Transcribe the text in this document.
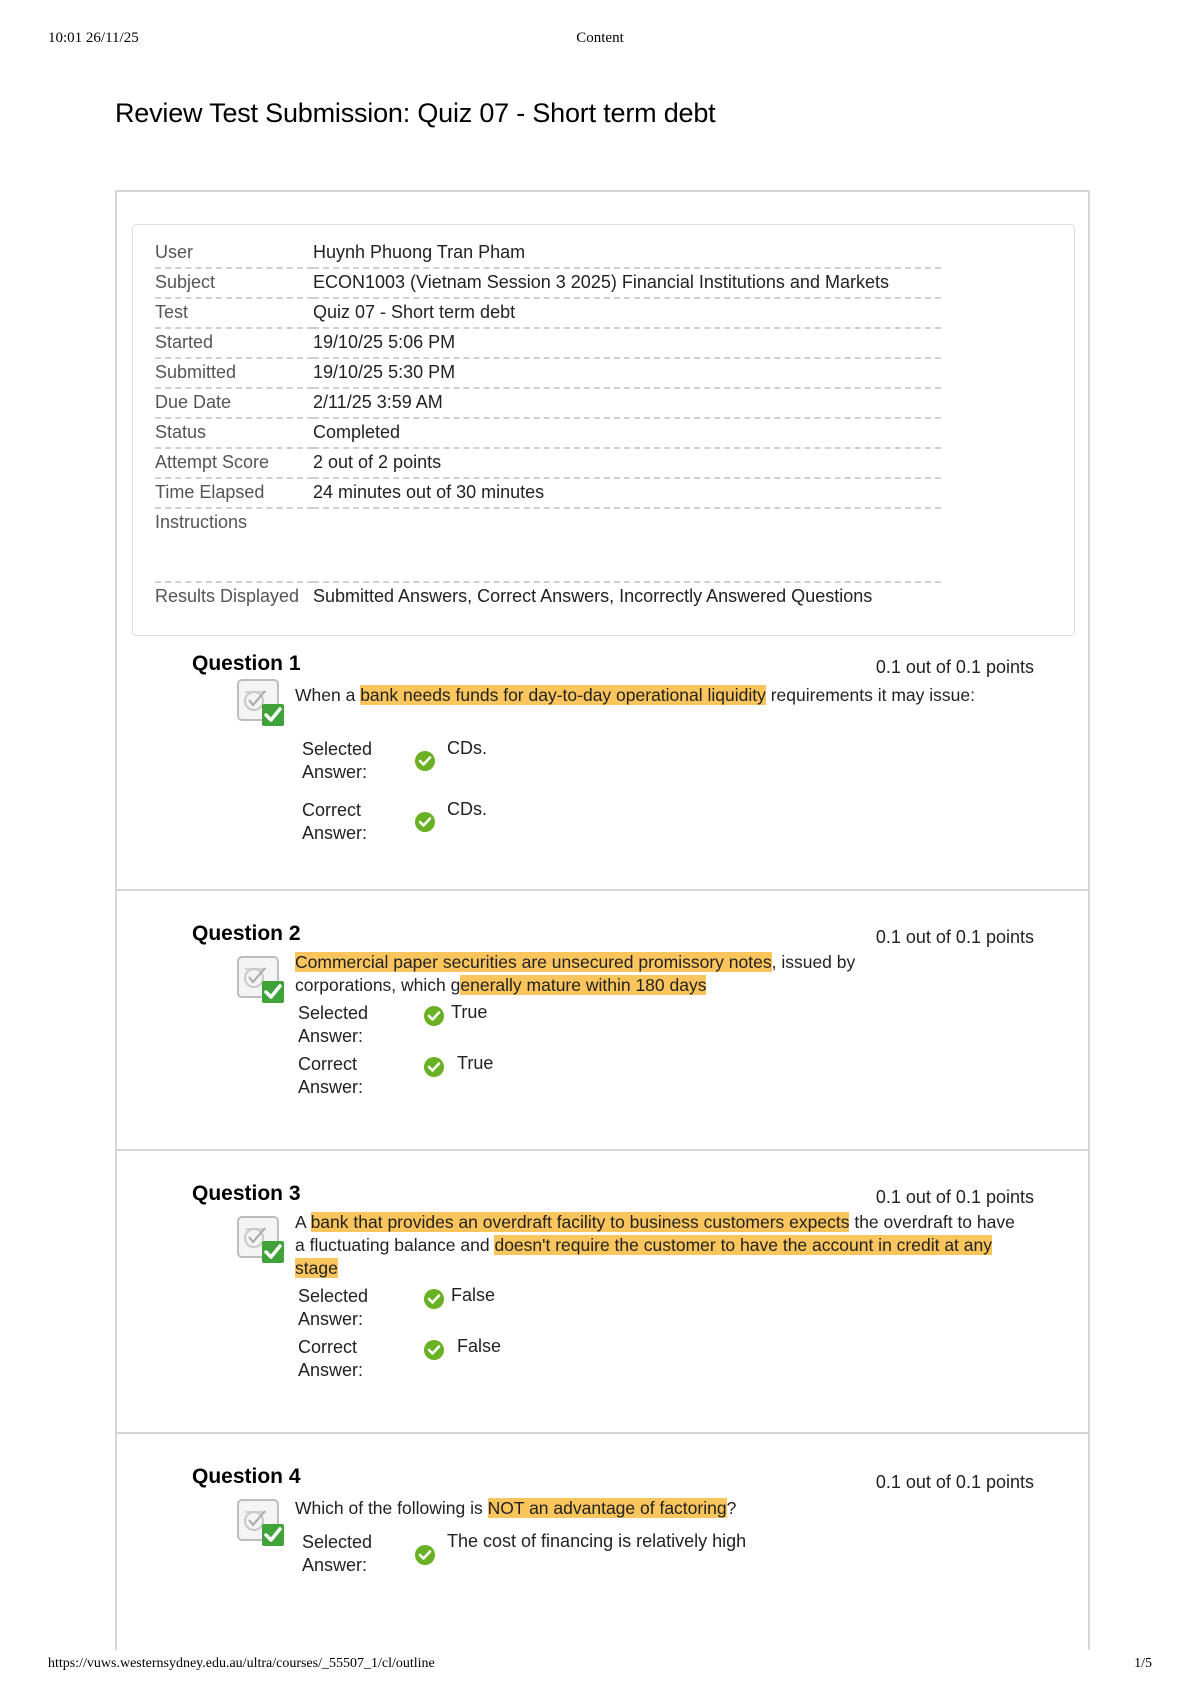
10:01 26/11/25	Content
Review Test Submission: Quiz 07 - Short term debt
User	Huynh Phuong Tran Pham
Subject	ECON1003 (Vietnam Session 3 2025) Financial Institutions and Markets
Test	Quiz 07 - Short term debt
Started	19/10/25 5:06 PM
Submitted	19/10/25 5:30 PM
Due Date	2/11/25 3:59 AM
Status	Completed
Attempt Score	2 out of 2 points
Time Elapsed	24 minutes out of 30 minutes
Instructions	
Results Displayed	Submitted Answers, Correct Answers, Incorrectly Answered Questions
Question 1	0.1 out of 0.1 points
When a bank needs funds for day-to-day operational liquidity requirements it may issue:
Selected
Answer:
CDs.
Correct
Answer:
CDs.
Question 2	0.1 out of 0.1 points
Commercial paper securities are unsecured promissory notes, issued by corporations, which generally mature within 180 days
Selected
Answer:
True
Correct
Answer:
True
Question 3	0.1 out of 0.1 points
A bank that provides an overdraft facility to business customers expects the overdraft to have a fluctuating balance and doesn't require the customer to have the account in credit at any stage
Selected
Answer:
False
Correct
Answer:
False
Question 4	0.1 out of 0.1 points
Which of the following is NOT an advantage of factoring?
Selected
Answer:
The cost of financing is relatively high
https://vuws.westernsydney.edu.au/ultra/courses/_55507_1/cl/outline	1/5
